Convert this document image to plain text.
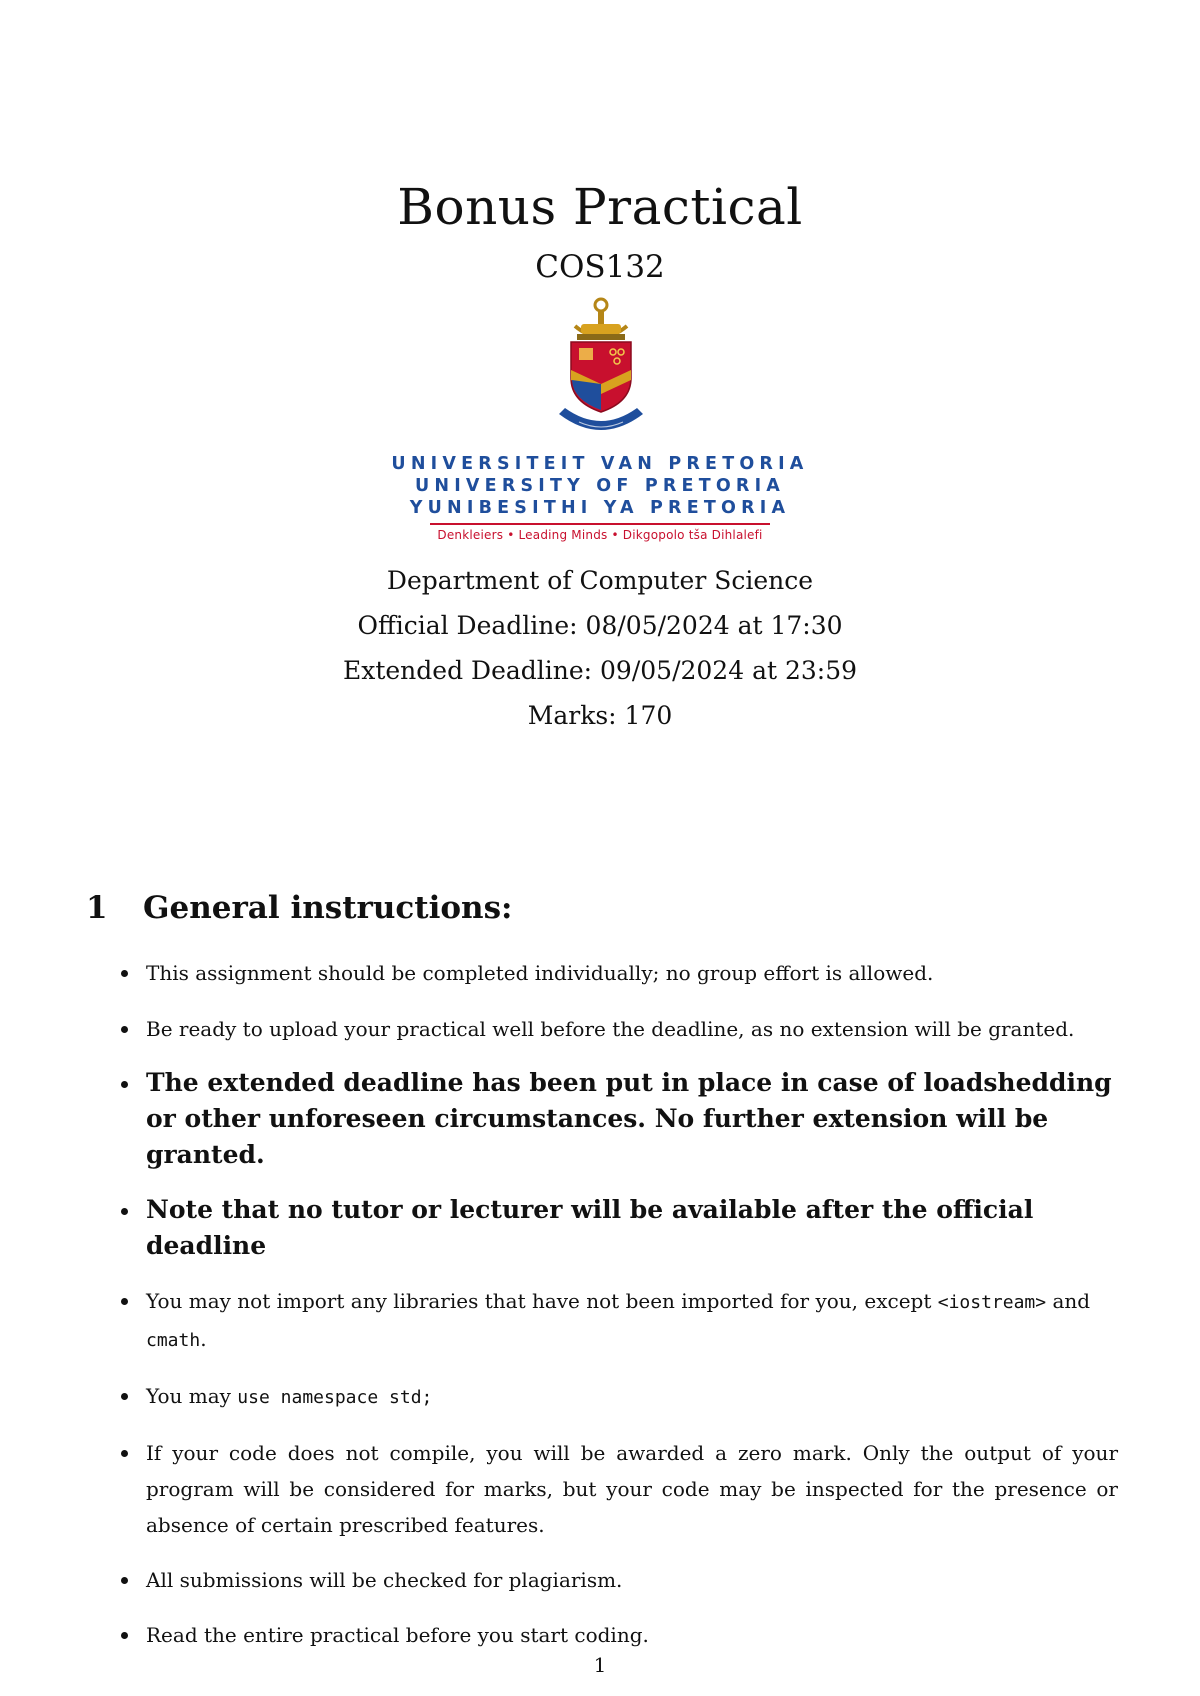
Bonus Practical
COS132
UNIVERSITEIT VAN PRETORIA
UNIVERSITY OF PRETORIA
YUNIBESITHI YA PRETORIA
Denkleiers • Leading Minds • Dikgopolo tša Dihlalefi
Department of Computer Science
Official Deadline: 08/05/2024 at 17:30
Extended Deadline: 09/05/2024 at 23:59
Marks: 170
1 General instructions:
This assignment should be completed individually; no group effort is allowed.
Be ready to upload your practical well before the deadline, as no extension will be granted.
The extended deadline has been put in place in case of loadshedding or other unforeseen circumstances. No further extension will be granted.
Note that no tutor or lecturer will be available after the official deadline
You may not import any libraries that have not been imported for you, except <iostream> and cmath.
You may use namespace std;
If your code does not compile, you will be awarded a zero mark. Only the output of your program will be considered for marks, but your code may be inspected for the presence or absence of certain prescribed features.
All submissions will be checked for plagiarism.
Read the entire practical before you start coding.
1
